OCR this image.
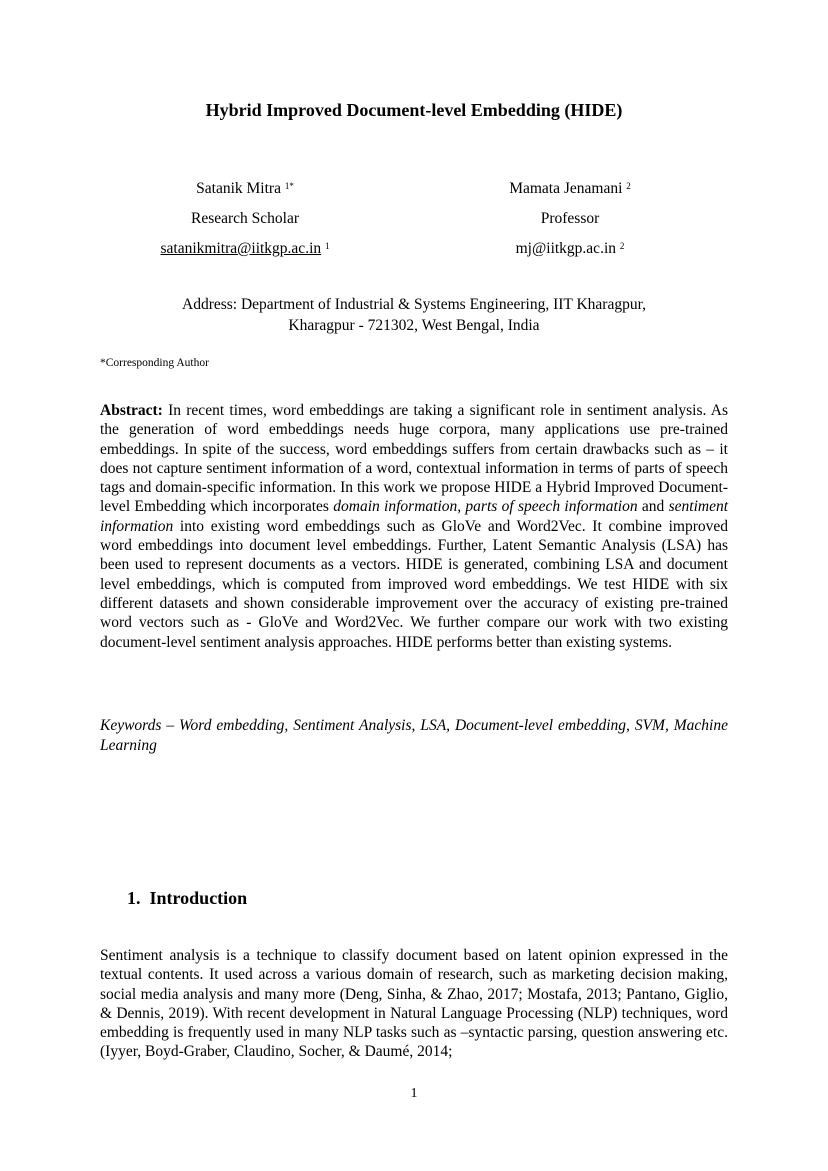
Hybrid Improved Document-level Embedding (HIDE)
Satanik Mitra $^{1*}$
Research Scholar
satanikmitra@iitkgp.ac.in $^1$
Mamata Jenamani $^2$
Professor
mj@iitkgp.ac.in $^2$
Address: Department of Industrial & Systems Engineering, IIT Kharagpur,
Kharagpur - 721302, West Bengal, India
*Corresponding Author
Abstract: In recent times, word embeddings are taking a significant role in sentiment analysis. As the generation of word embeddings needs huge corpora, many applications use pre-trained embeddings. In spite of the success, word embeddings suffers from certain drawbacks such as – it does not capture sentiment information of a word, contextual information in terms of parts of speech tags and domain-specific information. In this work we propose HIDE a Hybrid Improved Document-level Embedding which incorporates domain information, parts of speech information and sentiment information into existing word embeddings such as GloVe and Word2Vec. It combine improved word embeddings into document level embeddings. Further, Latent Semantic Analysis (LSA) has been used to represent documents as a vectors. HIDE is generated, combining LSA and document level embeddings, which is computed from improved word embeddings. We test HIDE with six different datasets and shown considerable improvement over the accuracy of existing pre-trained word vectors such as - GloVe and Word2Vec. We further compare our work with two existing document-level sentiment analysis approaches. HIDE performs better than existing systems.
Keywords – Word embedding, Sentiment Analysis, LSA, Document-level embedding, SVM, Machine Learning
1. Introduction
Sentiment analysis is a technique to classify document based on latent opinion expressed in the textual contents. It used across a various domain of research, such as marketing decision making, social media analysis and many more (Deng, Sinha, & Zhao, 2017; Mostafa, 2013; Pantano, Giglio, & Dennis, 2019). With recent development in Natural Language Processing (NLP) techniques, word embedding is frequently used in many NLP tasks such as –syntactic parsing, question answering etc.(Iyyer, Boyd-Graber, Claudino, Socher, & Daumé, 2014;
1
